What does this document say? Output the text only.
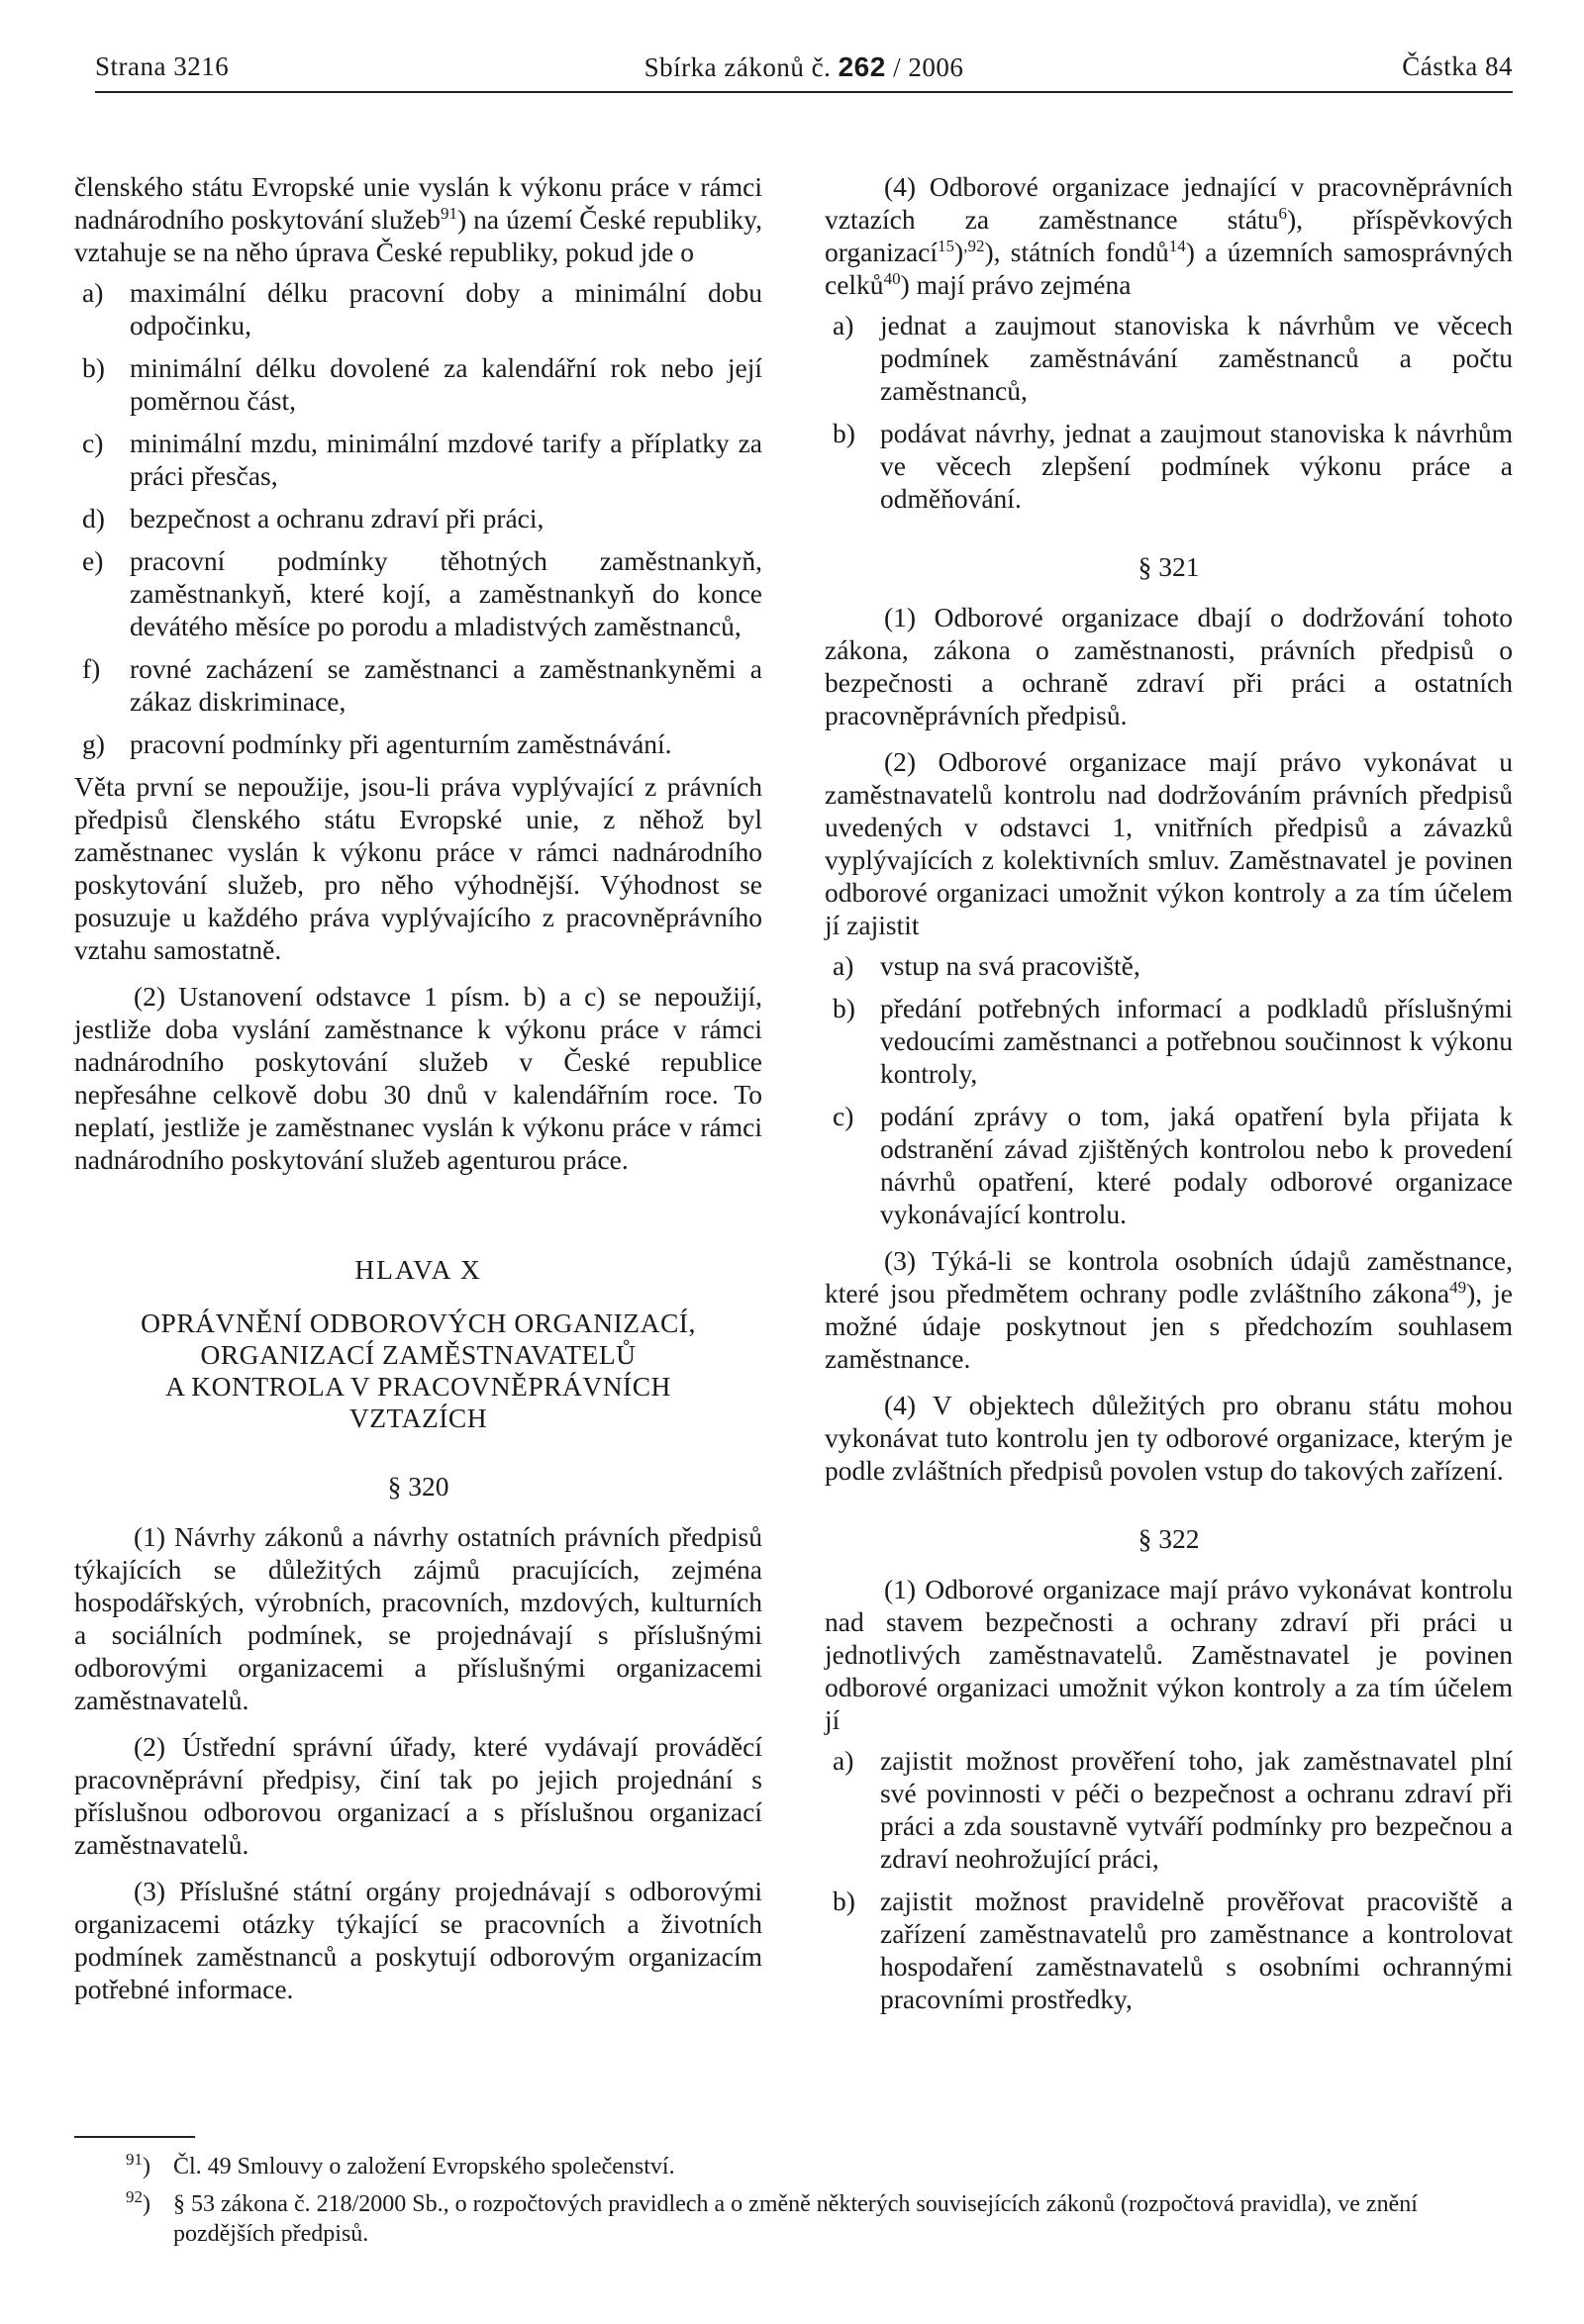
Strana 3216	Sbírka zákonů č. 262 / 2006	Částka 84

členského státu Evropské unie vyslán k výkonu práce v rámci nadnárodního poskytování služeb$^{91}$) na území České republiky, vztahuje se na něho úprava České republiky, pokud jde o

a) maximální délku pracovní doby a minimální dobu odpočinku,
b) minimální délku dovolené za kalendářní rok nebo její poměrnou část,
c) minimální mzdu, minimální mzdové tarify a příplatky za práci přesčas,
d) bezpečnost a ochranu zdraví při práci,
e) pracovní podmínky těhotných zaměstnankyň, zaměstnankyň, které kojí, a zaměstnankyň do konce devátého měsíce po porodu a mladistvých zaměstnanců,
f) rovné zacházení se zaměstnanci a zaměstnankyněmi a zákaz diskriminace,
g) pracovní podmínky při agenturním zaměstnávání.

Věta první se nepoužije, jsou-li práva vyplývající z právních předpisů členského státu Evropské unie, z něhož byl zaměstnanec vyslán k výkonu práce v rámci nadnárodního poskytování služeb, pro něho výhodnější. Výhodnost se posuzuje u každého práva vyplývajícího z pracovněprávního vztahu samostatně.

(2) Ustanovení odstavce 1 písm. b) a c) se nepoužijí, jestliže doba vyslání zaměstnance k výkonu práce v rámci nadnárodního poskytování služeb v České republice nepřesáhne celkově dobu 30 dnů v kalendářním roce. To neplatí, jestliže je zaměstnanec vyslán k výkonu práce v rámci nadnárodního poskytování služeb agenturou práce.

HLAVA X

OPRÁVNĚNÍ ODBOROVÝCH ORGANIZACÍ,
ORGANIZACÍ ZAMĚSTNAVATELŮ
A KONTROLA V PRACOVNĚPRÁVNÍCH
VZTAZÍCH

§ 320

(1) Návrhy zákonů a návrhy ostatních právních předpisů týkajících se důležitých zájmů pracujících, zejména hospodářských, výrobních, pracovních, mzdových, kulturních a sociálních podmínek, se projednávají s příslušnými odborovými organizacemi a příslušnými organizacemi zaměstnavatelů.

(2) Ústřední správní úřady, které vydávají prováděcí pracovněprávní předpisy, činí tak po jejich projednání s příslušnou odborovou organizací a s příslušnou organizací zaměstnavatelů.

(3) Příslušné státní orgány projednávají s odborovými organizacemi otázky týkající se pracovních a životních podmínek zaměstnanců a poskytují odborovým organizacím potřebné informace.

(4) Odborové organizace jednající v pracovněprávních vztazích za zaměstnance státu$^6$), příspěvkových organizací$^{15}$)$^{,92}$), státních fondů$^{14}$) a územních samosprávných celků$^{40}$) mají právo zejména

a) jednat a zaujmout stanoviska k návrhům ve věcech podmínek zaměstnávání zaměstnanců a počtu zaměstnanců,
b) podávat návrhy, jednat a zaujmout stanoviska k návrhům ve věcech zlepšení podmínek výkonu práce a odměňování.

§ 321

(1) Odborové organizace dbají o dodržování tohoto zákona, zákona o zaměstnanosti, právních předpisů o bezpečnosti a ochraně zdraví při práci a ostatních pracovněprávních předpisů.

(2) Odborové organizace mají právo vykonávat u zaměstnavatelů kontrolu nad dodržováním právních předpisů uvedených v odstavci 1, vnitřních předpisů a závazků vyplývajících z kolektivních smluv. Zaměstnavatel je povinen odborové organizaci umožnit výkon kontroly a za tím účelem jí zajistit

a) vstup na svá pracoviště,
b) předání potřebných informací a podkladů příslušnými vedoucími zaměstnanci a potřebnou součinnost k výkonu kontroly,
c) podání zprávy o tom, jaká opatření byla přijata k odstranění závad zjištěných kontrolou nebo k provedení návrhů opatření, které podaly odborové organizace vykonávající kontrolu.

(3) Týká-li se kontrola osobních údajů zaměstnance, které jsou předmětem ochrany podle zvláštního zákona$^{49}$), je možné údaje poskytnout jen s předchozím souhlasem zaměstnance.

(4) V objektech důležitých pro obranu státu mohou vykonávat tuto kontrolu jen ty odborové organizace, kterým je podle zvláštních předpisů povolen vstup do takových zařízení.

§ 322

(1) Odborové organizace mají právo vykonávat kontrolu nad stavem bezpečnosti a ochrany zdraví při práci u jednotlivých zaměstnavatelů. Zaměstnavatel je povinen odborové organizaci umožnit výkon kontroly a za tím účelem jí

a) zajistit možnost prověření toho, jak zaměstnavatel plní své povinnosti v péči o bezpečnost a ochranu zdraví při práci a zda soustavně vytváří podmínky pro bezpečnou a zdraví neohrožující práci,
b) zajistit možnost pravidelně prověřovat pracoviště a zařízení zaměstnavatelů pro zaměstnance a kontrolovat hospodaření zaměstnavatelů s osobními ochrannými pracovními prostředky,
$^{91}$) Čl. 49 Smlouvy o založení Evropského společenství.
$^{92}$) § 53 zákona č. 218/2000 Sb., o rozpočtových pravidlech a o změně některých souvisejících zákonů (rozpočtová pravidla), ve znění pozdějších předpisů.
